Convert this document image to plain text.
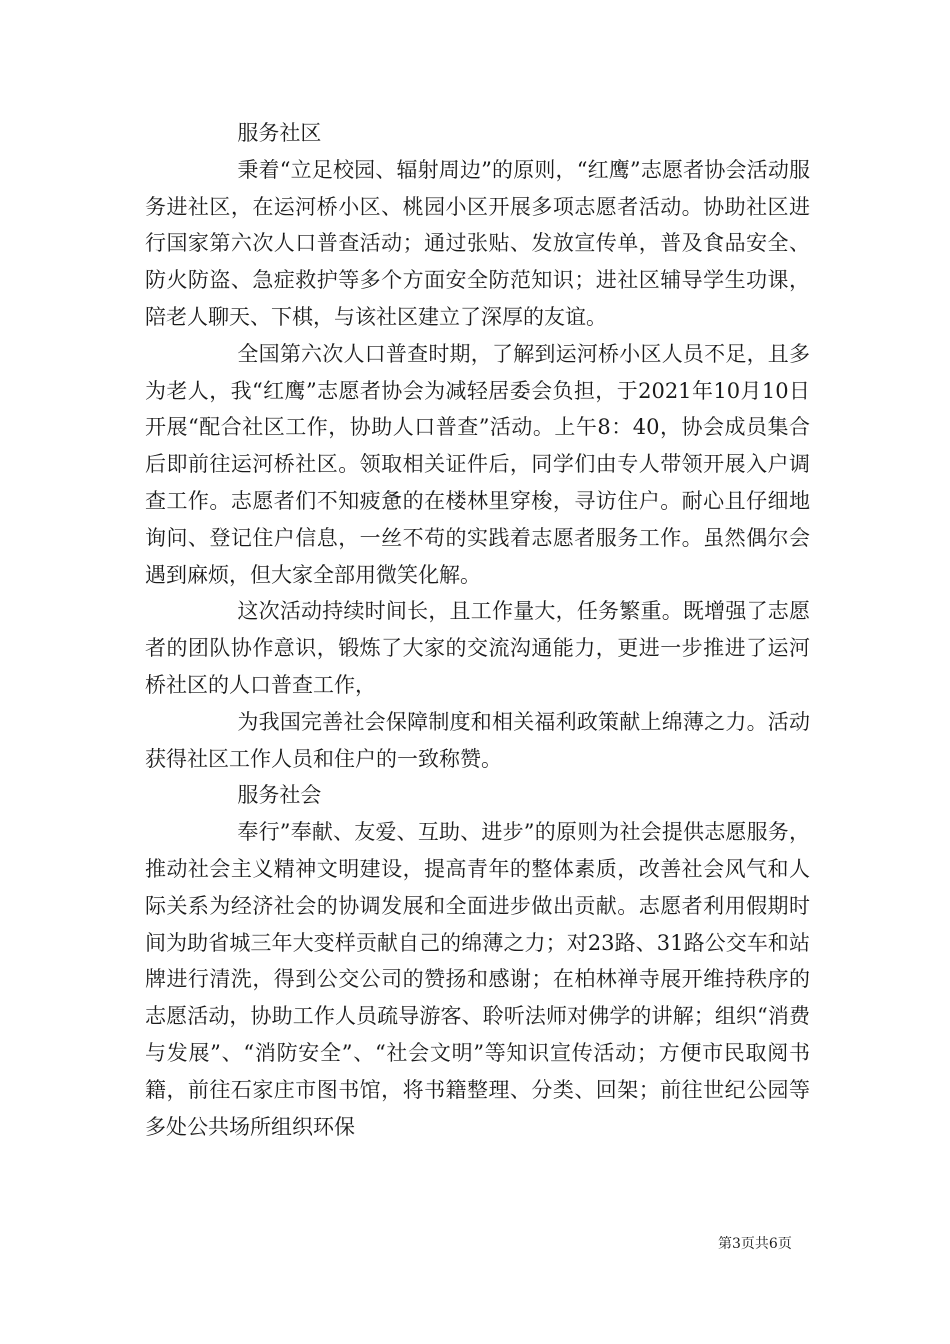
服务社区

秉着“立足校园、辐射周边”的原则，“红鹰”志愿者协会活动服务进社区，在运河桥小区、桃园小区开展多项志愿者活动。协助社区进行国家第六次人口普查活动；通过张贴、发放宣传单，普及食品安全、防火防盗、急症救护等多个方面安全防范知识；进社区辅导学生功课，陪老人聊天、下棋，与该社区建立了深厚的友谊。

全国第六次人口普查时期，了解到运河桥小区人员不足，且多为老人，我“红鹰”志愿者协会为减轻居委会负担，于2021年10月10日开展“配合社区工作，协助人口普查”活动。上午8：40，协会成员集合后即前往运河桥社区。领取相关证件后，同学们由专人带领开展入户调查工作。志愿者们不知疲惫的在楼林里穿梭，寻访住户。耐心且仔细地询问、登记住户信息，一丝不苟的实践着志愿者服务工作。虽然偶尔会遇到麻烦，但大家全部用微笑化解。

这次活动持续时间长，且工作量大，任务繁重。既增强了志愿者的团队协作意识，锻炼了大家的交流沟通能力，更进一步推进了运河桥社区的人口普查工作，

为我国完善社会保障制度和相关福利政策献上绵薄之力。活动获得社区工作人员和住户的一致称赞。

服务社会

奉行”奉献、友爱、互助、进步”的原则为社会提供志愿服务，推动社会主义精神文明建设，提高青年的整体素质，改善社会风气和人际关系为经济社会的协调发展和全面进步做出贡献。志愿者利用假期时间为助省城三年大变样贡献自己的绵薄之力；对23路、31路公交车和站牌进行清洗，得到公交公司的赞扬和感谢；在柏林禅寺展开维持秩序的志愿活动，协助工作人员疏导游客、聆听法师对佛学的讲解；组织“消费与发展”、“消防安全”、“社会文明”等知识宣传活动；方便市民取阅书籍，前往石家庄市图书馆，将书籍整理、分类、回架；前往世纪公园等多处公共场所组织环保

第3页共6页
